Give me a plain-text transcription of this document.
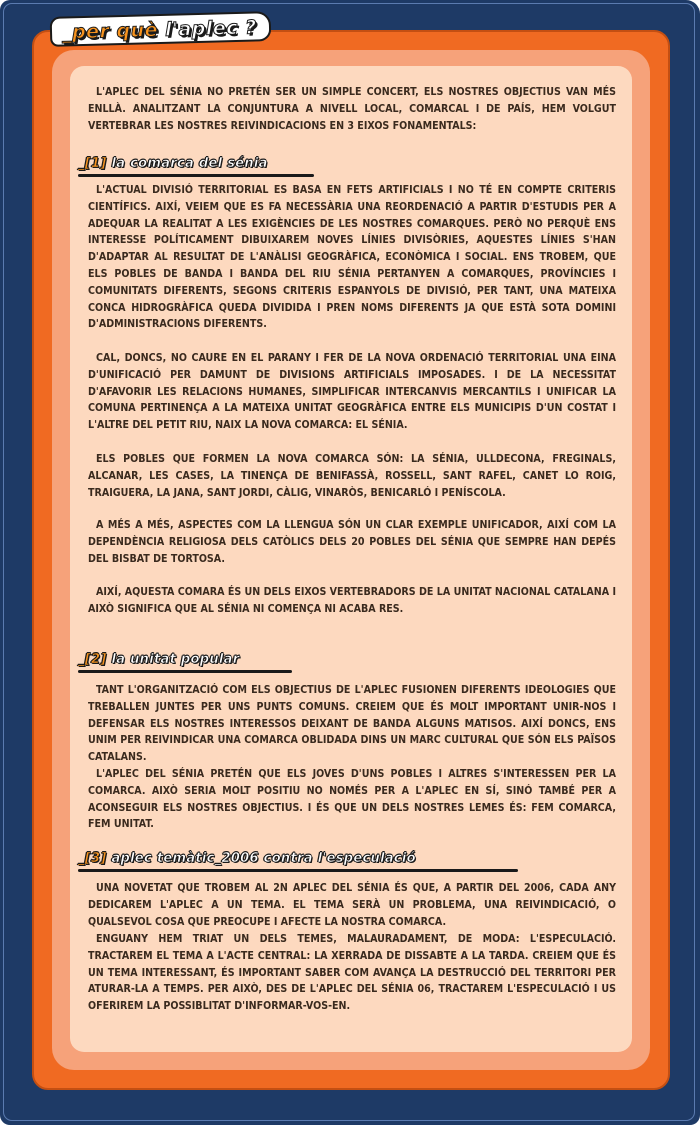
_per què l'aplec ?

L'APLEC DEL SÉNIA NO PRETÉN SER UN SIMPLE CONCERT, ELS NOSTRES OBJECTIUS VAN MÉS ENLLÀ. ANALITZANT LA CONJUNTURA A NIVELL LOCAL, COMARCAL I DE PAÍS, HEM VOLGUT VERTEBRAR LES NOSTRES REIVINDICACIONS EN 3 EIXOS FONAMENTALS:

_[1] la comarca del sénia

L'ACTUAL DIVISIÓ TERRITORIAL ES BASA EN FETS ARTIFICIALS I NO TÉ EN COMPTE CRITERIS CIENTÍFICS. AIXÍ, VEIEM QUE ES FA NECESSÀRIA UNA REORDENACIÓ A PARTIR D'ESTUDIS PER A ADEQUAR LA REALITAT A LES EXIGÈNCIES DE LES NOSTRES COMARQUES. PERÒ NO PERQUÈ ENS INTERESSE POLÍTICAMENT DIBUIXAREM NOVES LÍNIES DIVISÒRIES, AQUESTES LÍNIES S'HAN D'ADAPTAR AL RESULTAT DE L'ANÀLISI GEOGRÀFICA, ECONÒMICA I SOCIAL. ENS TROBEM, QUE ELS POBLES DE BANDA I BANDA DEL RIU SÉNIA PERTANYEN A COMARQUES, PROVÍNCIES I COMUNITATS DIFERENTS, SEGONS CRITERIS ESPANYOLS DE DIVISIÓ, PER TANT, UNA MATEIXA CONCA HIDROGRÀFICA QUEDA DIVIDIDA I PREN NOMS DIFERENTS JA QUE ESTÀ SOTA DOMINI D'ADMINISTRACIONS DIFERENTS.

CAL, DONCS, NO CAURE EN EL PARANY I FER DE LA NOVA ORDENACIÓ TERRITORIAL UNA EINA D'UNIFICACIÓ PER DAMUNT DE DIVISIONS ARTIFICIALS IMPOSADES. I DE LA NECESSITAT D'AFAVORIR LES RELACIONS HUMANES, SIMPLIFICAR INTERCANVIS MERCANTILS I UNIFICAR LA COMUNA PERTINENÇA A LA MATEIXA UNITAT GEOGRÀFICA ENTRE ELS MUNICIPIS D'UN COSTAT I L'ALTRE DEL PETIT RIU, NAIX LA NOVA COMARCA: EL SÉNIA.

ELS POBLES QUE FORMEN LA NOVA COMARCA SÓN: LA SÉNIA, ULLDECONA, FREGINALS, ALCANAR, LES CASES, LA TINENÇA DE BENIFASSÀ, ROSSELL, SANT RAFEL, CANET LO ROIG, TRAIGUERA, LA JANA, SANT JORDI, CÀLIG, VINARÒS, BENICARLÓ I PENÍSCOLA.

A MÉS A MÉS, ASPECTES COM LA LLENGUA SÓN UN CLAR EXEMPLE UNIFICADOR, AIXÍ COM LA DEPENDÈNCIA RELIGIOSA DELS CATÒLICS DELS 20 POBLES DEL SÉNIA QUE SEMPRE HAN DEPÉS DEL BISBAT DE TORTOSA.

AIXÍ, AQUESTA COMARA ÉS UN DELS EIXOS VERTEBRADORS DE LA UNITAT NACIONAL CATALANA I AIXÒ SIGNIFICA QUE AL SÉNIA NI COMENÇA NI ACABA RES.

_[2] la unitat popular

TANT L'ORGANITZACIÓ COM ELS OBJECTIUS DE L'APLEC FUSIONEN DIFERENTS IDEOLOGIES QUE TREBALLEN JUNTES PER UNS PUNTS COMUNS. CREIEM QUE ÉS MOLT IMPORTANT UNIR-NOS I DEFENSAR ELS NOSTRES INTERESSOS DEIXANT DE BANDA ALGUNS MATISOS. AIXÍ DONCS, ENS UNIM PER REIVINDICAR UNA COMARCA OBLIDADA DINS UN MARC CULTURAL QUE SÓN ELS PAÏSOS CATALANS.

L'APLEC DEL SÉNIA PRETÉN QUE ELS JOVES D'UNS POBLES I ALTRES S'INTERESSEN PER LA COMARCA. AIXÒ SERIA MOLT POSITIU NO NOMÉS PER A L'APLEC EN SÍ, SINÓ TAMBÉ PER A ACONSEGUIR ELS NOSTRES OBJECTIUS. I ÉS QUE UN DELS NOSTRES LEMES ÉS: FEM COMARCA, FEM UNITAT.

_[3] aplec temàtic_2006 contra l'especulació

UNA NOVETAT QUE TROBEM AL 2N APLEC DEL SÉNIA ÉS QUE, A PARTIR DEL 2006, CADA ANY DEDICAREM L'APLEC A UN TEMA. EL TEMA SERÀ UN PROBLEMA, UNA REIVINDICACIÓ, O QUALSEVOL COSA QUE PREOCUPE I AFECTE LA NOSTRA COMARCA.

ENGUANY HEM TRIAT UN DELS TEMES, MALAURADAMENT, DE MODA: L'ESPECULACIÓ. TRACTAREM EL TEMA A L'ACTE CENTRAL: LA XERRADA DE DISSABTE A LA TARDA. CREIEM QUE ÉS UN TEMA INTERESSANT, ÉS IMPORTANT SABER COM AVANÇA LA DESTRUCCIÓ DEL TERRITORI PER ATURAR-LA A TEMPS. PER AIXÒ, DES DE L'APLEC DEL SÉNIA 06, TRACTAREM L'ESPECULACIÓ I US OFERIREM LA POSSIBLITAT D'INFORMAR-VOS-EN.
